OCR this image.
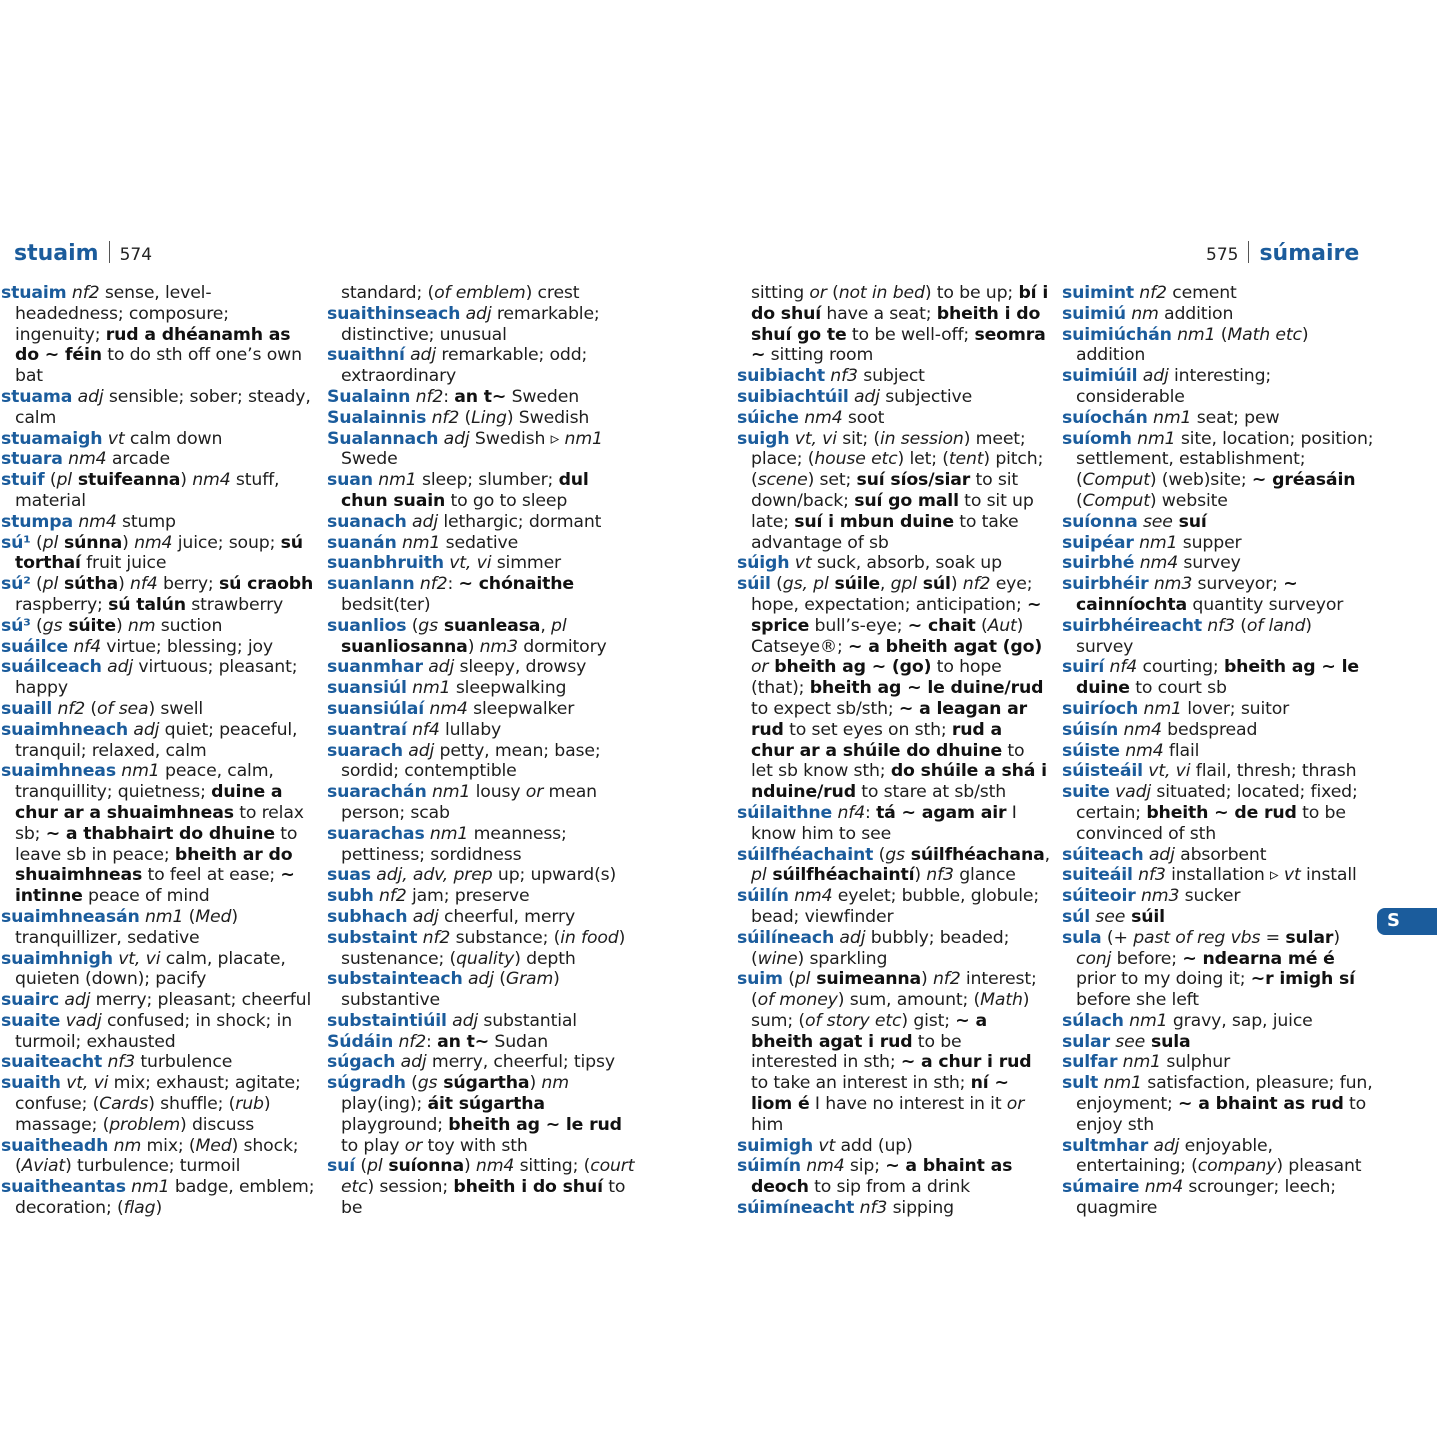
stuaim 574	575 súmaire

stuaim nf2 sense, level-headedness; composure; ingenuity; rud a dhéanamh as do ~ féin to do sth off one’s own bat

stuama adj sensible; sober; steady, calm

stuamaigh vt calm down

stuara nm4 arcade

stuif (pl stuifeanna) nm4 stuff, material

stumpa nm4 stump

sú¹ (pl súnna) nm4 juice; soup; sú torthaí fruit juice

sú² (pl sútha) nf4 berry; sú craobh raspberry; sú talún strawberry

sú³ (gs súite) nm suction

suáilce nf4 virtue; blessing; joy

suáilceach adj virtuous; pleasant; happy

suaill nf2 (of sea) swell

suaimhneach adj quiet; peaceful, tranquil; relaxed, calm

suaimhneas nm1 peace, calm, tranquillity; quietness; duine a chur ar a shuaimhneas to relax sb; ~ a thabhairt do dhuine to leave sb in peace; bheith ar do shuaimhneas to feel at ease; ~ intinne peace of mind

suaimhneasán nm1 (Med) tranquillizer, sedative

suaimhnigh vt, vi calm, placate, quieten (down); pacify

suairc adj merry; pleasant; cheerful

suaite vadj confused; in shock; in turmoil; exhausted

suaiteacht nf3 turbulence

suaith vt, vi mix; exhaust; agitate; confuse; (Cards) shuffle; (rub) massage; (problem) discuss

suaitheadh nm mix; (Med) shock; (Aviat) turbulence; turmoil

suaitheantas nm1 badge, emblem; decoration; (flag)

standard; (of emblem) crest

suaithinseach adj remarkable; distinctive; unusual

suaithní adj remarkable; odd; extraordinary

Sualainn nf2: an t~ Sweden

Sualainnis nf2 (Ling) Swedish

Sualannach adj Swedish ▹ nm1 Swede

suan nm1 sleep; slumber; dul chun suain to go to sleep

suanach adj lethargic; dormant

suanán nm1 sedative

suanbhruith vt, vi simmer

suanlann nf2: ~ chónaithe bedsit(ter)

suanlios (gs suanleasa, pl suanliosanna) nm3 dormitory

suanmhar adj sleepy, drowsy

suansiúl nm1 sleepwalking

suansiúlaí nm4 sleepwalker

suantraí nf4 lullaby

suarach adj petty, mean; base; sordid; contemptible

suarachán nm1 lousy or mean person; scab

suarachas nm1 meanness; pettiness; sordidness

suas adj, adv, prep up; upward(s)

subh nf2 jam; preserve

subhach adj cheerful, merry

substaint nf2 substance; (in food) sustenance; (quality) depth

substainteach adj (Gram) substantive

substaintiúil adj substantial

Súdáin nf2: an t~ Sudan

súgach adj merry, cheerful; tipsy

súgradh (gs súgartha) nm play(ing); áit súgartha playground; bheith ag ~ le rud to play or toy with sth

suí (pl suíonna) nm4 sitting; (court etc) session; bheith i do shuí to be

sitting or (not in bed) to be up; bí i do shuí have a seat; bheith i do shuí go te to be well-off; seomra ~ sitting room

suibiacht nf3 subject

suibiachtúil adj subjective

súiche nm4 soot

suigh vt, vi sit; (in session) meet; place; (house etc) let; (tent) pitch; (scene) set; suí síos/siar to sit down/back; suí go mall to sit up late; suí i mbun duine to take advantage of sb

súigh vt suck, absorb, soak up

súil (gs, pl súile, gpl súl) nf2 eye; hope, expectation; anticipation; ~ sprice bull’s-eye; ~ chait (Aut) Catseye®; ~ a bheith agat (go) or bheith ag ~ (go) to hope (that); bheith ag ~ le duine/rud to expect sb/sth; ~ a leagan ar rud to set eyes on sth; rud a chur ar a shúile do dhuine to let sb know sth; do shúile a shá i nduine/rud to stare at sb/sth

súilaithne nf4: tá ~ agam air I know him to see

súilfhéachaint (gs súilfhéachana, pl súilfhéachaintí) nf3 glance

súilín nm4 eyelet; bubble, globule; bead; viewfinder

súilíneach adj bubbly; beaded; (wine) sparkling

suim (pl suimeanna) nf2 interest; (of money) sum, amount; (Math) sum; (of story etc) gist; ~ a bheith agat i rud to be interested in sth; ~ a chur i rud to take an interest in sth; ní ~ liom é I have no interest in it or him

suimigh vt add (up)

súimín nm4 sip; ~ a bhaint as deoch to sip from a drink

súimíneacht nf3 sipping

suimint nf2 cement

suimiú nm addition

suimiúchán nm1 (Math etc) addition

suimiúil adj interesting; considerable

suíochán nm1 seat; pew

suíomh nm1 site, location; position; settlement, establishment; (Comput) (web)site; ~ gréasáin (Comput) website

suíonna see suí

suipéar nm1 supper

suirbhé nm4 survey

suirbhéir nm3 surveyor; ~ cainníochta quantity surveyor

suirbhéireacht nf3 (of land) survey

suirí nf4 courting; bheith ag ~ le duine to court sb

suiríoch nm1 lover; suitor

súisín nm4 bedspread

súiste nm4 flail

súisteáil vt, vi flail, thresh; thrash

suite vadj situated; located; fixed; certain; bheith ~ de rud to be convinced of sth

súiteach adj absorbent

suiteáil nf3 installation ▹ vt install

súiteoir nm3 sucker

súl see súil

sula (+ past of reg vbs = sular) conj before; ~ ndearna mé é prior to my doing it; ~r imigh sí before she left

súlach nm1 gravy, sap, juice

sular see sula

sulfar nm1 sulphur

sult nm1 satisfaction, pleasure; fun, enjoyment; ~ a bhaint as rud to enjoy sth

sultmhar adj enjoyable, entertaining; (company) pleasant

súmaire nm4 scrounger; leech; quagmire

S
